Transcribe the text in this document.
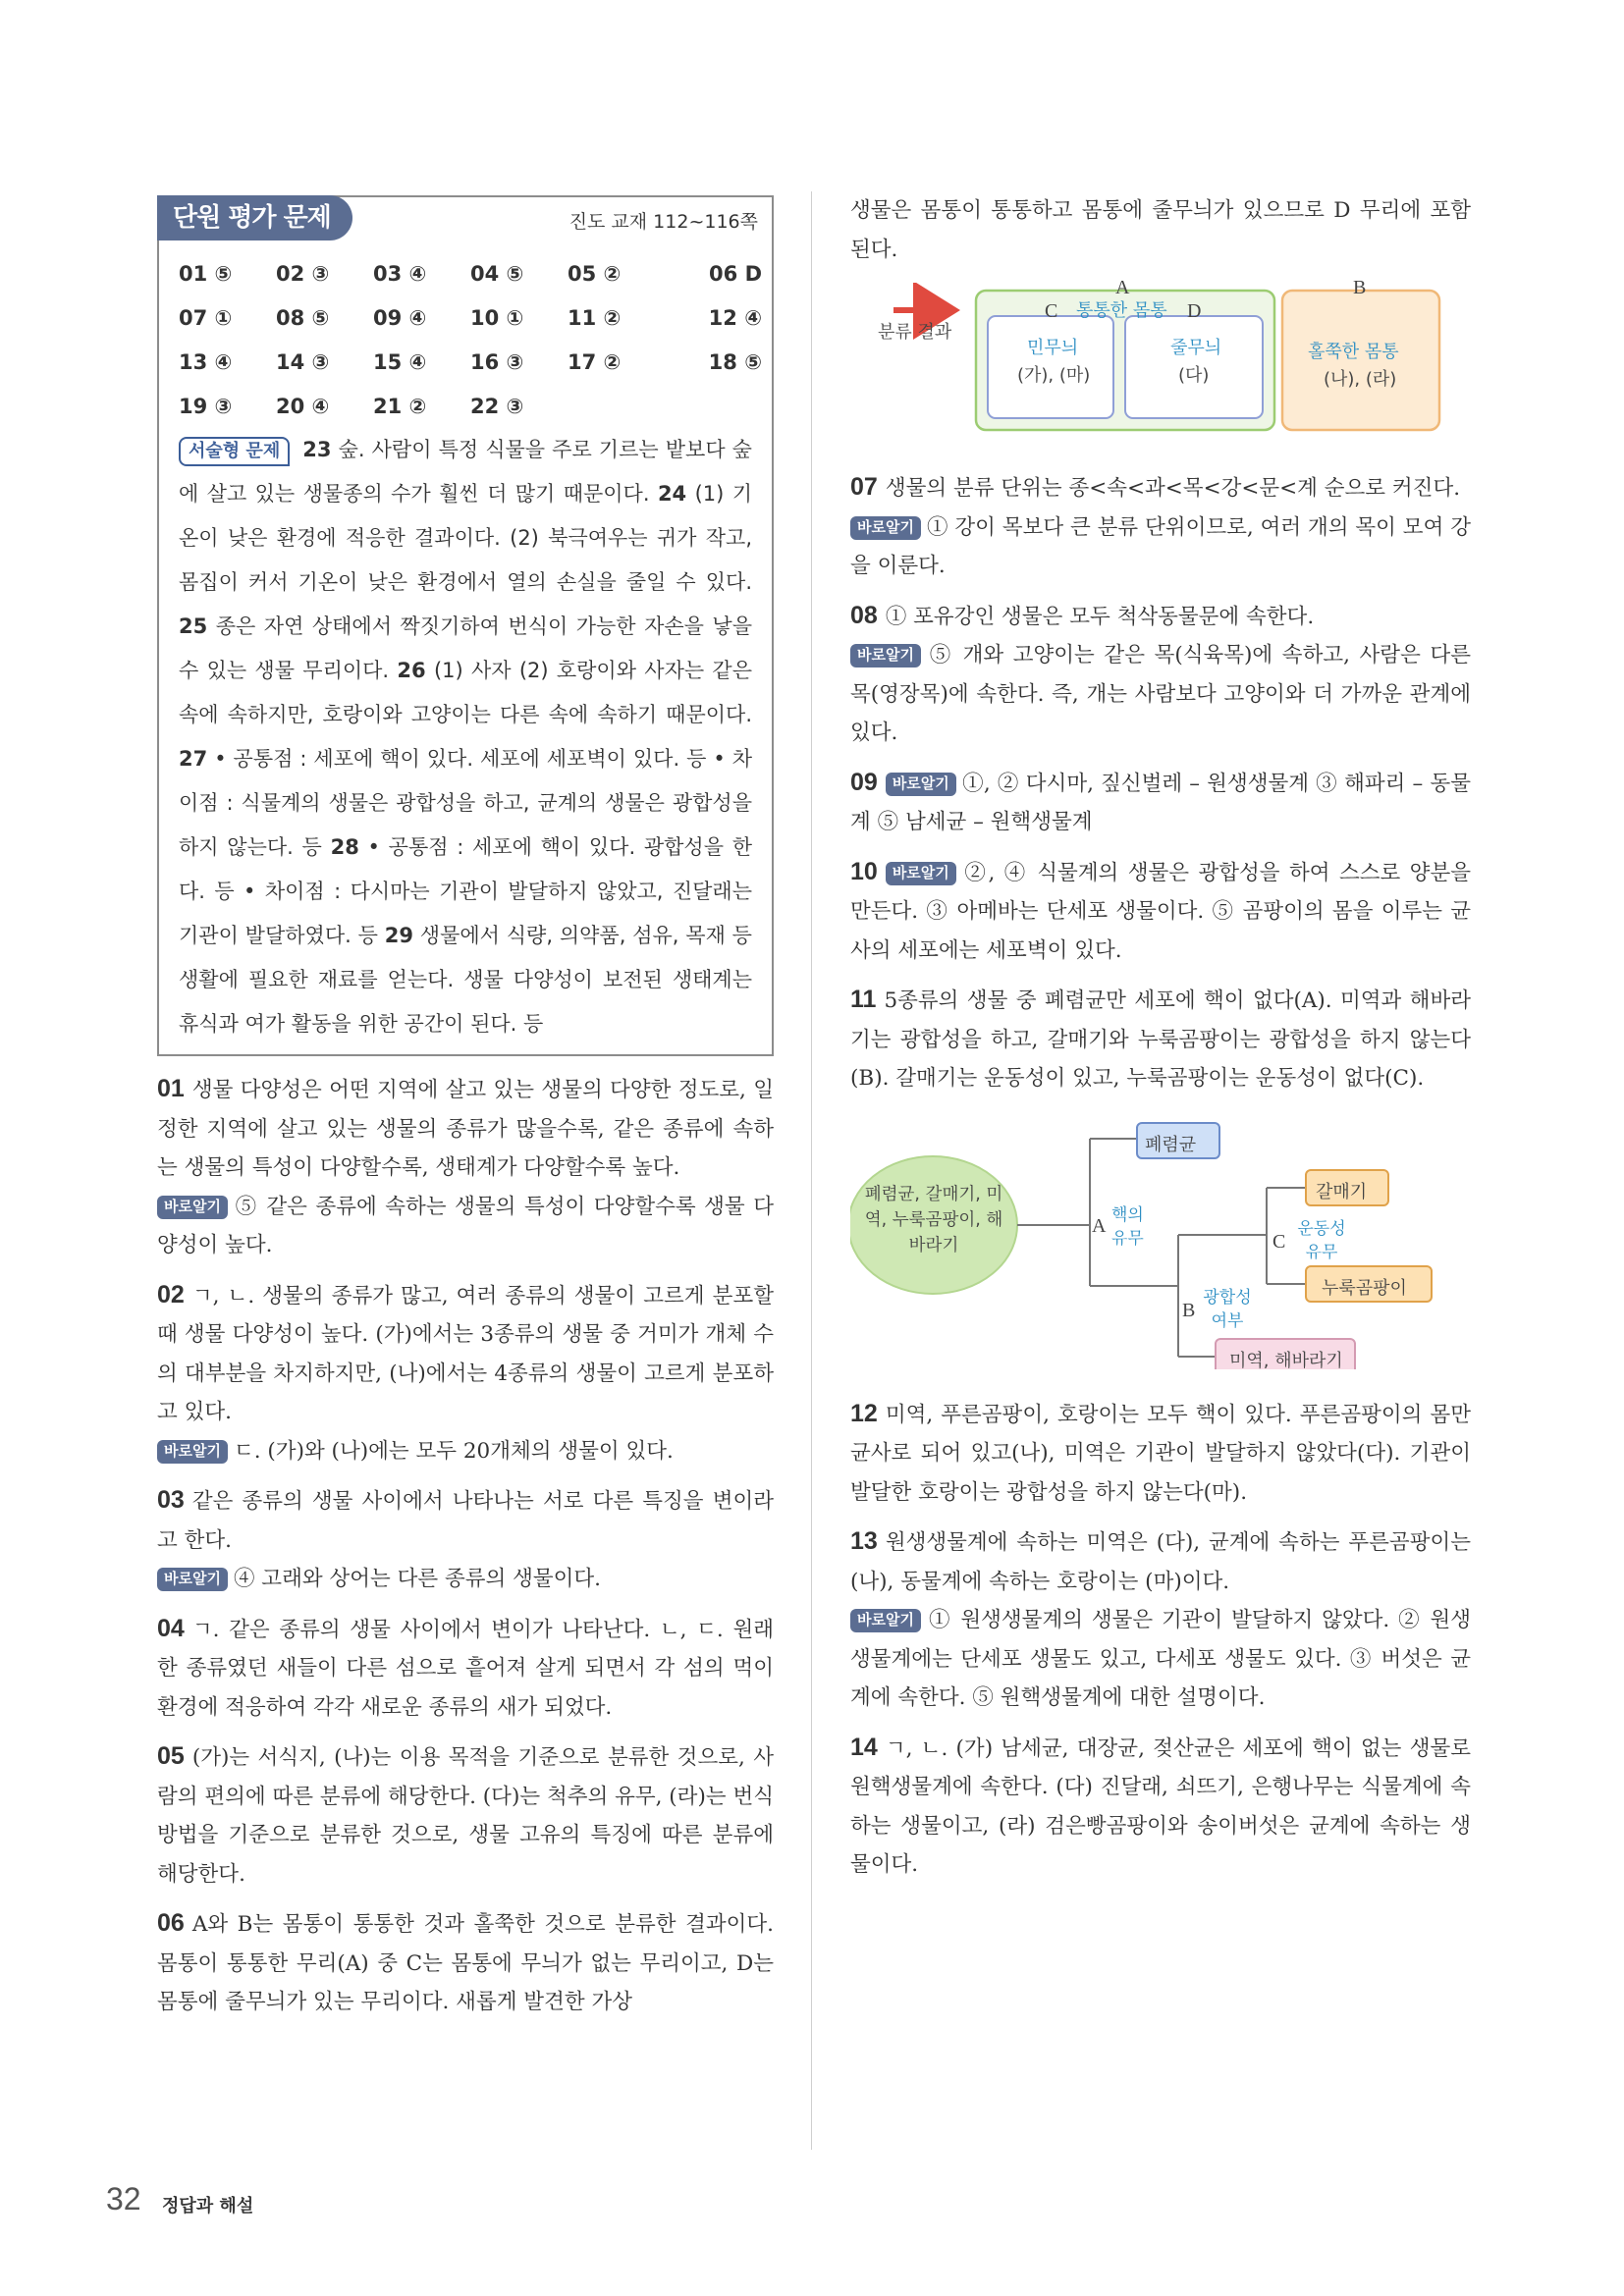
단원 평가 문제	진도 교재 112~116쪽
01 ⑤	02 ③	03 ④	04 ⑤	05 ②	06 D
07 ①	08 ⑤	09 ④	10 ①	11 ②	12 ④
13 ④	14 ③	15 ④	16 ③	17 ②	18 ⑤
19 ③	20 ④	21 ②	22 ③
서술형 문제 23 숲. 사람이 특정 식물을 주로 기르는 밭보다 숲에 살고 있는 생물종의 수가 훨씬 더 많기 때문이다. 24 (1) 기온이 낮은 환경에 적응한 결과이다. (2) 북극여우는 귀가 작고, 몸집이 커서 기온이 낮은 환경에서 열의 손실을 줄일 수 있다. 25 종은 자연 상태에서 짝짓기하여 번식이 가능한 자손을 낳을 수 있는 생물 무리이다. 26 (1) 사자 (2) 호랑이와 사자는 같은 속에 속하지만, 호랑이와 고양이는 다른 속에 속하기 때문이다. 27 • 공통점 : 세포에 핵이 있다. 세포에 세포벽이 있다. 등 • 차이점 : 식물계의 생물은 광합성을 하고, 균계의 생물은 광합성을 하지 않는다. 등 28 • 공통점 : 세포에 핵이 있다. 광합성을 한다. 등 • 차이점 : 다시마는 기관이 발달하지 않았고, 진달래는 기관이 발달하였다. 등 29 생물에서 식량, 의약품, 섬유, 목재 등 생활에 필요한 재료를 얻는다. 생물 다양성이 보전된 생태계는 휴식과 여가 활동을 위한 공간이 된다. 등

01 생물 다양성은 어떤 지역에 살고 있는 생물의 다양한 정도로, 일정한 지역에 살고 있는 생물의 종류가 많을수록, 같은 종류에 속하는 생물의 특성이 다양할수록, 생태계가 다양할수록 높다.

바로알기 ⑤ 같은 종류에 속하는 생물의 특성이 다양할수록 생물 다양성이 높다.

02 ㄱ, ㄴ. 생물의 종류가 많고, 여러 종류의 생물이 고르게 분포할 때 생물 다양성이 높다. (가)에서는 3종류의 생물 중 거미가 개체 수의 대부분을 차지하지만, (나)에서는 4종류의 생물이 고르게 분포하고 있다.

바로알기 ㄷ. (가)와 (나)에는 모두 20개체의 생물이 있다.

03 같은 종류의 생물 사이에서 나타나는 서로 다른 특징을 변이라고 한다.

바로알기 ④ 고래와 상어는 다른 종류의 생물이다.

04 ㄱ. 같은 종류의 생물 사이에서 변이가 나타난다. ㄴ, ㄷ. 원래 한 종류였던 새들이 다른 섬으로 흩어져 살게 되면서 각 섬의 먹이 환경에 적응하여 각각 새로운 종류의 새가 되었다.

05 (가)는 서식지, (나)는 이용 목적을 기준으로 분류한 것으로, 사람의 편의에 따른 분류에 해당한다. (다)는 척추의 유무, (라)는 번식 방법을 기준으로 분류한 것으로, 생물 고유의 특징에 따른 분류에 해당한다.

06 A와 B는 몸통이 통통한 것과 홀쭉한 것으로 분류한 결과이다. 몸통이 통통한 무리(A) 중 C는 몸통에 무늬가 없는 무리이고, D는 몸통에 줄무늬가 있는 무리이다. 새롭게 발견한 가상

생물은 몸통이 통통하고 몸통에 줄무늬가 있으므로 D 무리에 포함된다.

분류 결과
A	B
통통한 몸통
C	D
민무늬
(가), (마)
줄무늬
(다)
홀쭉한 몸통
(나), (라)

07 생물의 분류 단위는 종<속<과<목<강<문<계 순으로 커진다.

바로알기 ① 강이 목보다 큰 분류 단위이므로, 여러 개의 목이 모여 강을 이룬다.

08 ① 포유강인 생물은 모두 척삭동물문에 속한다.

바로알기 ⑤ 개와 고양이는 같은 목(식육목)에 속하고, 사람은 다른 목(영장목)에 속한다. 즉, 개는 사람보다 고양이와 더 가까운 관계에 있다.

09 바로알기 ①, ② 다시마, 짚신벌레 – 원생생물계 ③ 해파리 – 동물계 ⑤ 남세균 – 원핵생물계

10 바로알기 ②, ④ 식물계의 생물은 광합성을 하여 스스로 양분을 만든다. ③ 아메바는 단세포 생물이다. ⑤ 곰팡이의 몸을 이루는 균사의 세포에는 세포벽이 있다.

11 5종류의 생물 중 폐렴균만 세포에 핵이 없다(A). 미역과 해바라기는 광합성을 하고, 갈매기와 누룩곰팡이는 광합성을 하지 않는다(B). 갈매기는 운동성이 있고, 누룩곰팡이는 운동성이 없다(C).

폐렴균, 갈매기, 미역, 누룩곰팡이, 해바라기
A 핵의 유무
B
광합성 여부
C
운동성 유무
폐렴균
갈매기
누룩곰팡이
미역, 해바라기

12 미역, 푸른곰팡이, 호랑이는 모두 핵이 있다. 푸른곰팡이의 몸만 균사로 되어 있고(나), 미역은 기관이 발달하지 않았다(다). 기관이 발달한 호랑이는 광합성을 하지 않는다(마).

13 원생생물계에 속하는 미역은 (다), 균계에 속하는 푸른곰팡이는 (나), 동물계에 속하는 호랑이는 (마)이다.

바로알기 ① 원생생물계의 생물은 기관이 발달하지 않았다. ② 원생생물계에는 단세포 생물도 있고, 다세포 생물도 있다. ③ 버섯은 균계에 속한다. ⑤ 원핵생물계에 대한 설명이다.

14 ㄱ, ㄴ. (가) 남세균, 대장균, 젖산균은 세포에 핵이 없는 생물로 원핵생물계에 속한다. (다) 진달래, 쇠뜨기, 은행나무는 식물계에 속하는 생물이고, (라) 검은빵곰팡이와 송이버섯은 균계에 속하는 생물이다.

32 정답과 해설
